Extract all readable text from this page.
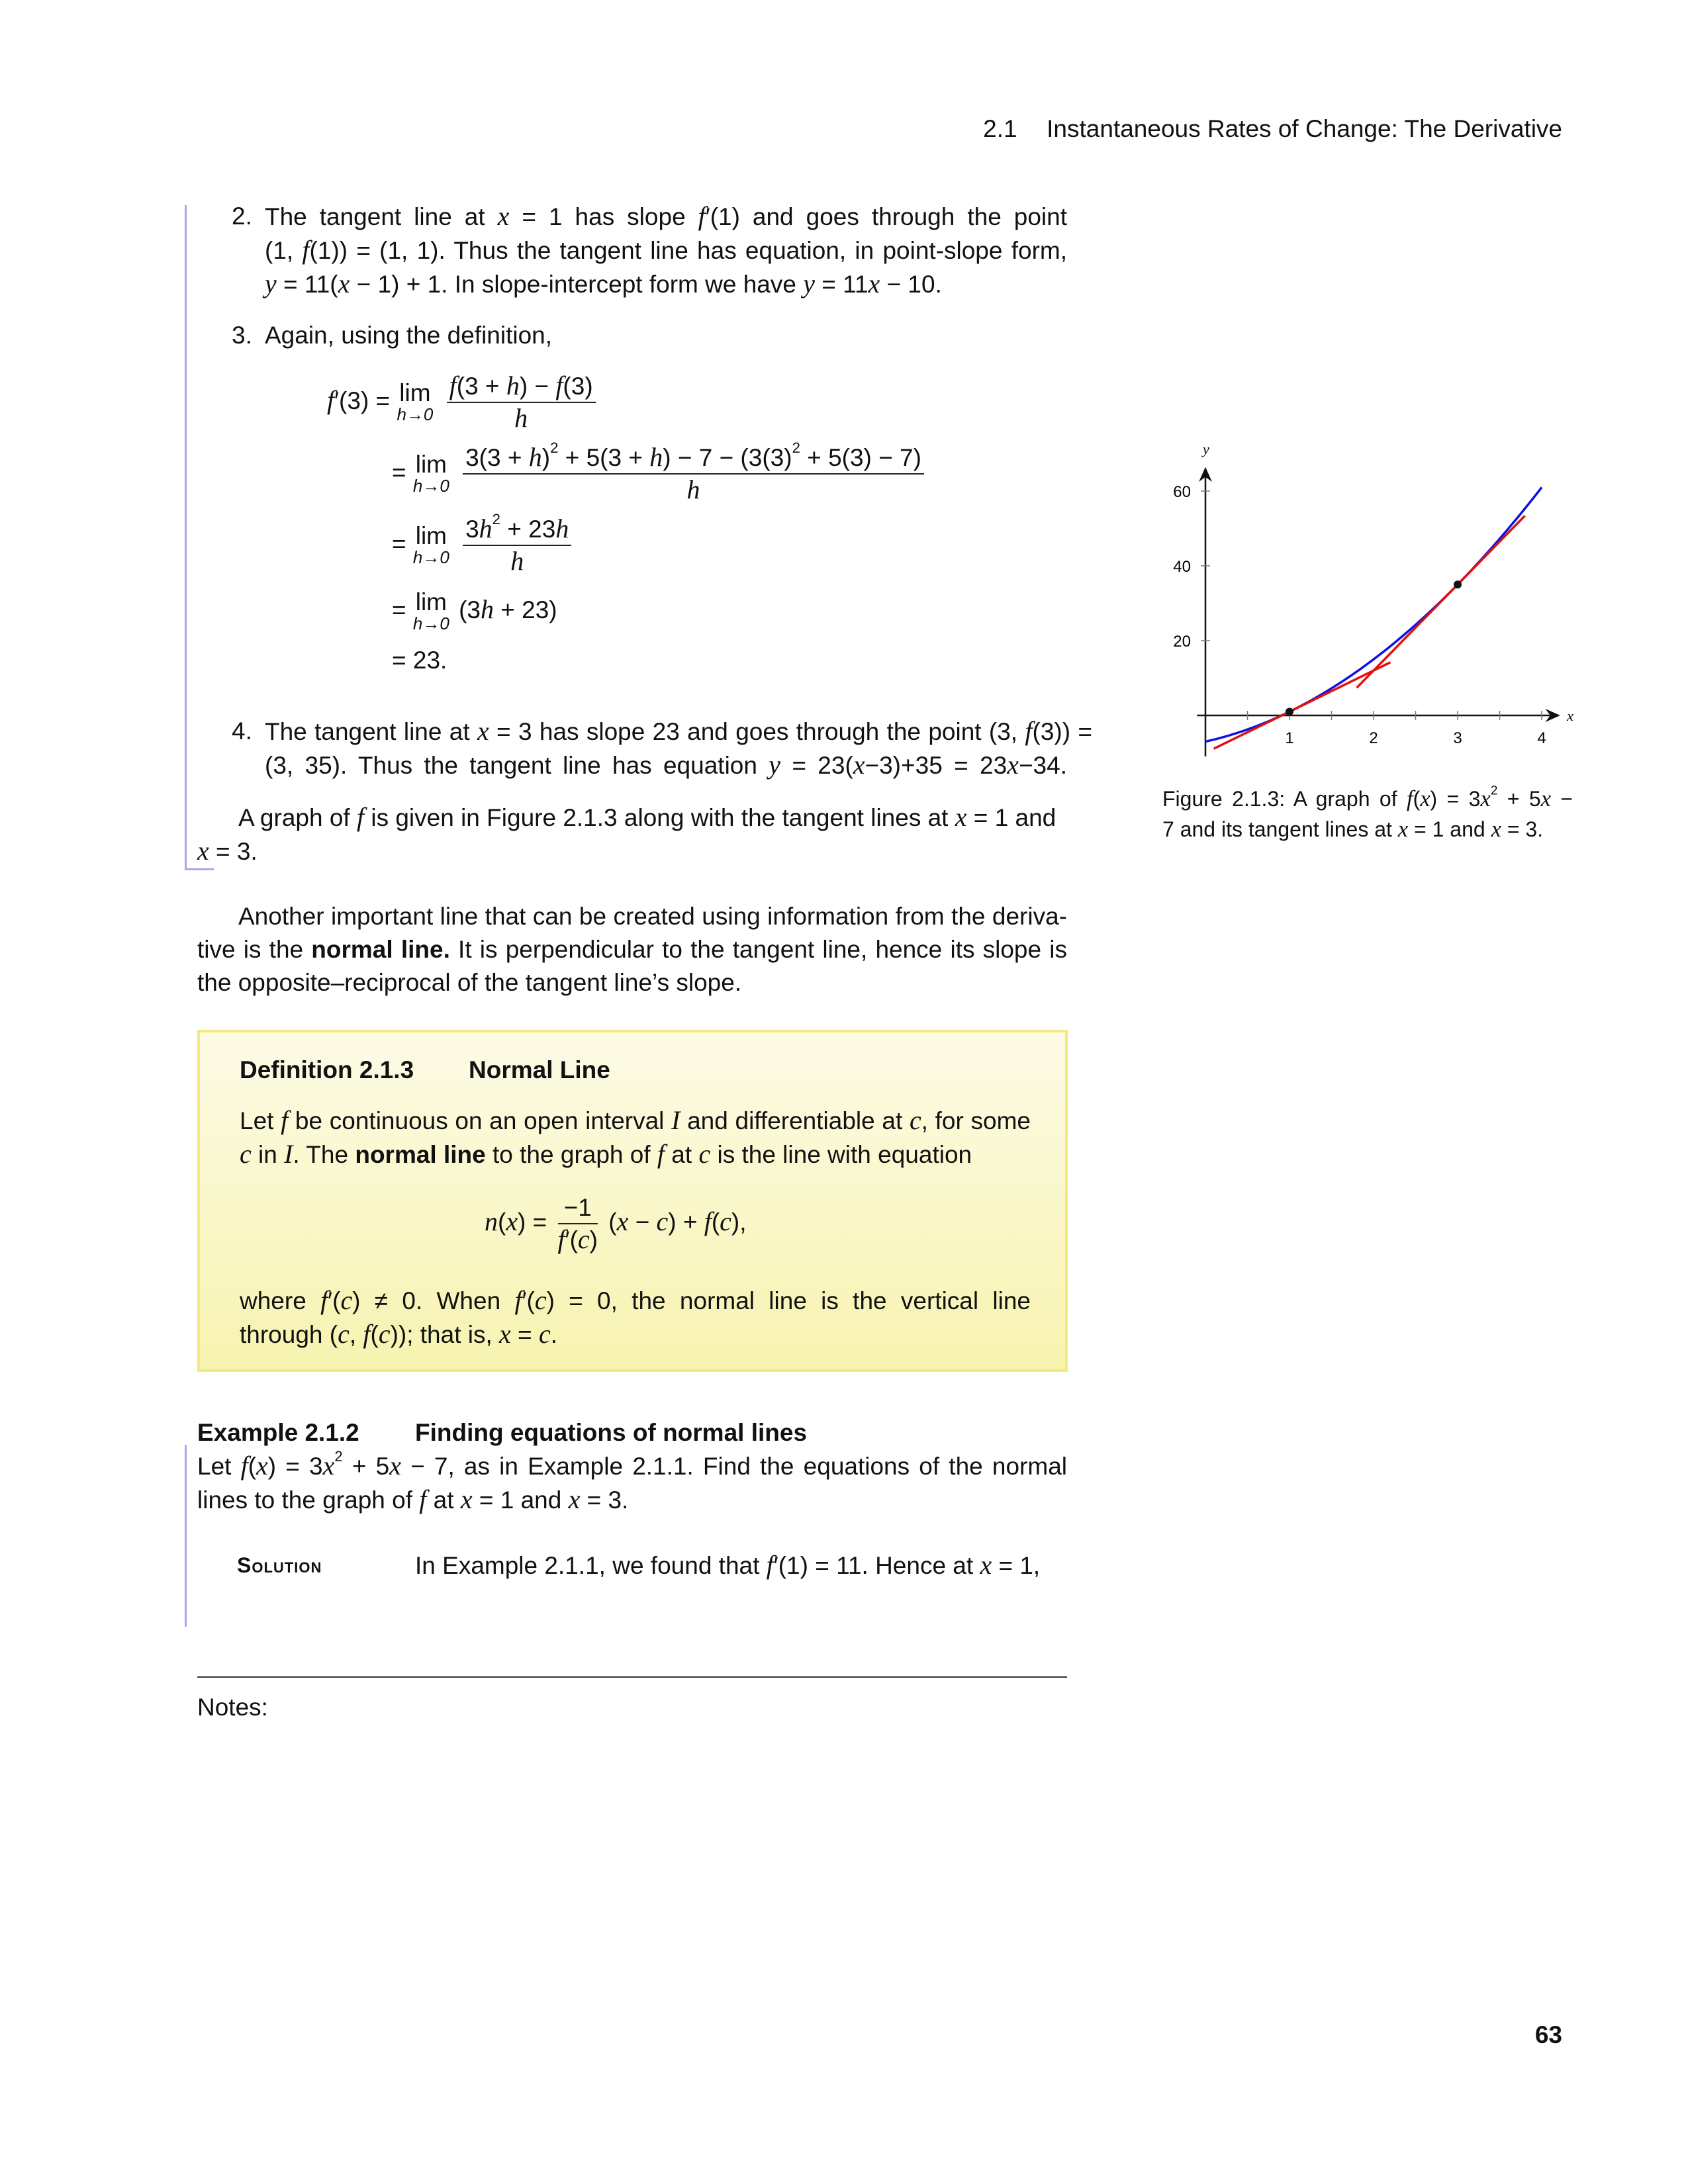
2.1 Instantaneous Rates of Change: The Derivative
2. The tangent line at x = 1 has slope f′(1) and goes through the point
(1, f(1)) = (1, 1). Thus the tangent line has equation, in point-slope form,
y = 11(x − 1) + 1. In slope-intercept form we have y = 11x − 10.
3. Again, using the definition,
f′(3) = lim
h→0
$\frac{f(3 + h) - f(3)}{h}$
= lim
h→0
$\frac{3(3 + h)^2 + 5(3 + h) - 7 - (3(3)^2 + 5(3) - 7)}{h}$
= lim
h→0
$\frac{3h^2 + 23h}{h}$
= lim
h→0
(3h + 23)
= 23.
4. The tangent line at x = 3 has slope 23 and goes through the point (3, f(3)) =
(3, 35). Thus the tangent line has equation y = 23(x−3)+35 = 23x−34.
A graph of f is given in Figure 2.1.3 along with the tangent lines at x = 1 and
x = 3.
Another important line that can be created using information from the deriva-
tive is the normal line. It is perpendicular to the tangent line, hence its slope is
the opposite–reciprocal of the tangent line’s slope.
Definition 2.1.3 Normal Line
Let f be continuous on an open interval I and differentiable at c, for some
c in I. The normal line to the graph of f at c is the line with equation
$n(x) = \frac{-1}{f'(c)} (x - c) + f(c)$,
where f′(c) ≠ 0. When f′(c) = 0, the normal line is the vertical line
through (c, f(c)); that is, x = c.
Example 2.1.2 Finding equations of normal lines
Let $f(x) = 3x^2 + 5x - 7$, as in Example 2.1.1. Find the equations of the normal
lines to the graph of f at x = 1 and x = 3.
Solution	In Example 2.1.1, we found that f′(1) = 11. Hence at x = 1,
Notes:
63
x
y
1	2	3	4
20
40
60
Figure 2.1.3: A graph of $f(x) = 3x^2 + 5x$ −
7 and its tangent lines at x = 1 and x = 3.
